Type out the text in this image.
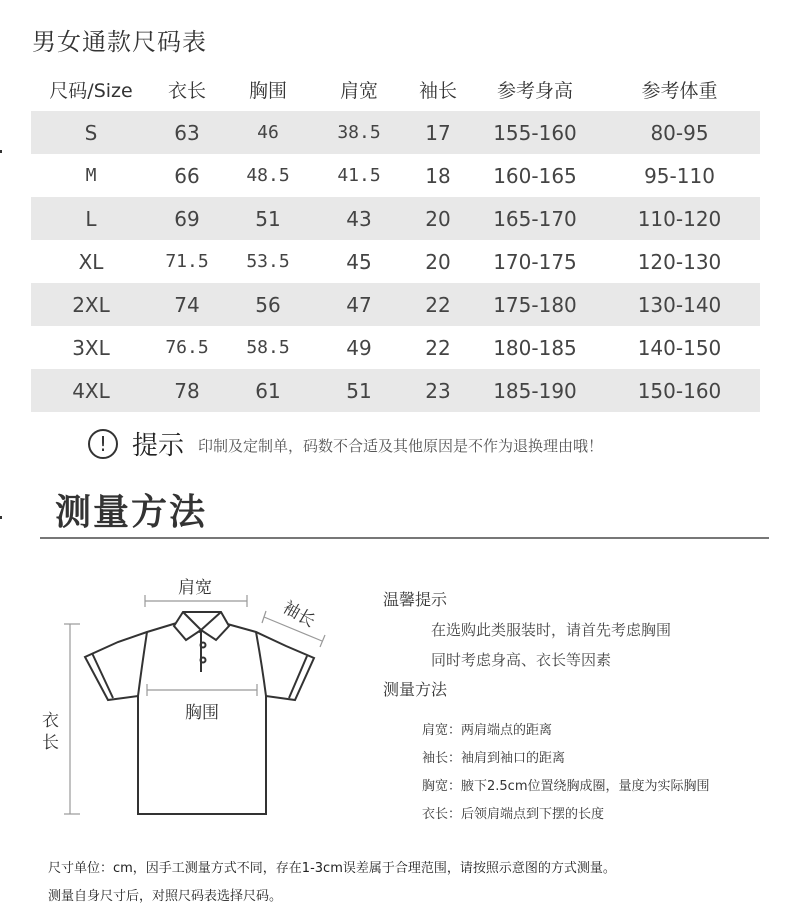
男女通款尺码表
尺码/Size	衣长	胸围	肩宽	袖长	参考身高	参考体重
S	63	46	38.5	17	155-160	80-95
M	66	48.5	41.5	18	160-165	95-110
L	69	51	43	20	165-170	110-120
XL	71.5	53.5	45	20	170-175	120-130
2XL	74	56	47	22	175-180	130-140
3XL	76.5	58.5	49	22	180-185	140-150
4XL	78	61	51	23	185-190	150-160
! 提示 印制及定制单，码数不合适及其他原因是不作为退换理由哦！
测量方法
肩宽
袖长
胸围
衣长
温馨提示
在选购此类服装时，请首先考虑胸围
同时考虑身高、衣长等因素
测量方法
肩宽：两肩端点的距离
袖长：袖肩到袖口的距离
胸宽：腋下2.5cm位置绕胸成圈，量度为实际胸围
衣长：后领肩端点到下摆的长度
尺寸单位：cm，因手工测量方式不同，存在1-3cm误差属于合理范围，请按照示意图的方式测量。
测量自身尺寸后，对照尺码表选择尺码。
